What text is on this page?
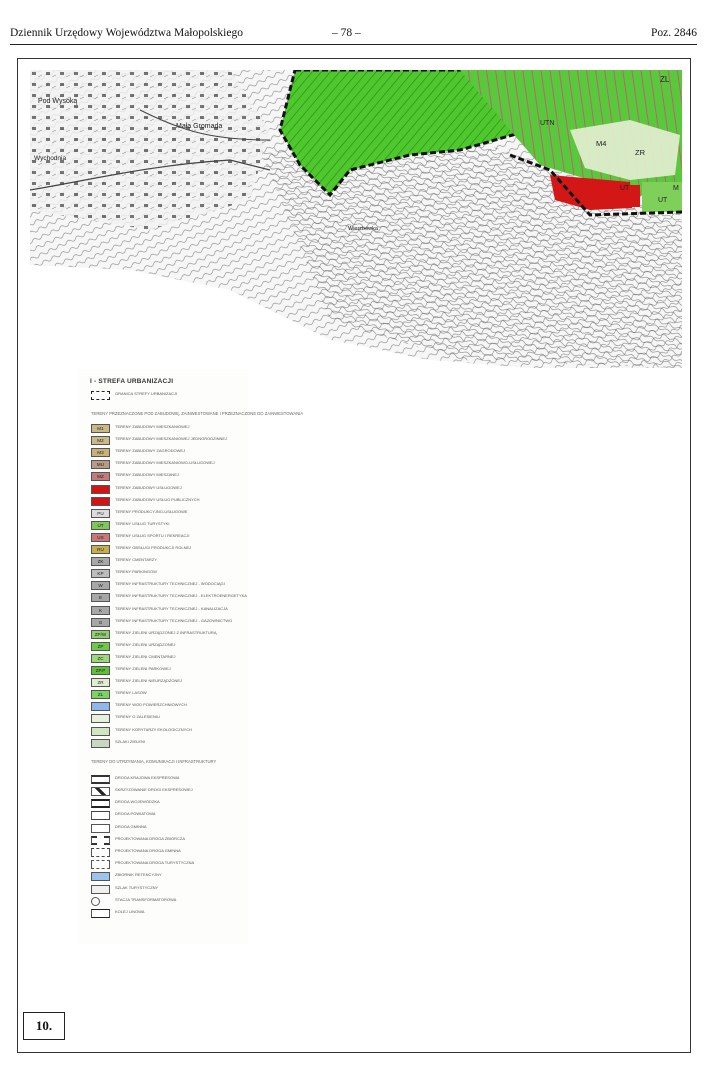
Dziennik Urzędowy Województwa Małopolskiego	– 78 –	Poz. 2846
Pod Wysoką
Mała Gromada
Wychodnia
Wierzbówka
ZL
UTN
M4
ZR
UT
UT
M
I - STREFA URBANIZACJI
GRANICA STREFY URBANIZACJI
TERENY PRZEZNACZONE POD ZABUDOWĘ, ZAINWESTOWANE I PRZEZNACZONE DO ZAINWESTOWANIA
M1	TERENY ZABUDOWY MIESZKANIOWEJ
M2	TERENY ZABUDOWY MIESZKANIOWEJ JEDNORODZINNEJ
M3	TERENY ZABUDOWY ZAGRODOWEJ
MU	TERENY ZABUDOWY MIESZKANIOWO-USŁUGOWEJ
MZ	TERENY ZABUDOWY MIESZANEJ
TERENY ZABUDOWY USŁUGOWEJ
TERENY ZABUDOWY USŁUG PUBLICZNYCH
PU	TERENY PRODUKCYJNO-USŁUGOWE
UT	TERENY USŁUG TURYSTYKI
US	TERENY USŁUG SPORTU I REKREACJI
RU	TERENY OBSŁUGI PRODUKCJI ROLNEJ
ZK	TERENY CMENTARZY
KP	TERENY PARKINGÓW
W	TERENY INFRASTRUKTURY TECHNICZNEJ - WODOCIĄGI
E	TERENY INFRASTRUKTURY TECHNICZNEJ - ELEKTROENERGETYKA
K	TERENY INFRASTRUKTURY TECHNICZNEJ - KANALIZACJA
G	TERENY INFRASTRUKTURY TECHNICZNEJ - GAZOWNICTWO
ZP/W	TERENY ZIELENI URZĄDZONEJ Z INFRASTRUKTURĄ
ZP	TERENY ZIELENI URZĄDZONEJ
ZC	TERENY ZIELENI CMENTARNEJ
ZP.P	TERENY ZIELENI PARKOWEJ
ZR	TERENY ZIELENI NIEURZĄDZONEJ
ZL	TERENY LASÓW
TERENY WÓD POWIERZCHNIOWYCH
TERENY O ZALESIENIU
TERENY KORYTARZY EKOLOGICZNYCH
SZLAKI ZIELENI
TERENY DO UTRZYMANIA, KOMUNIKACJI I INFRASTRUKTURY
DROGA KRAJOWA EKSPRESOWA
SKRZYŻOWANIE DROGI EKSPRESOWEJ
DROGA WOJEWÓDZKA
DROGA POWIATOWA
DROGA GMINNA
PROJEKTOWANA DROGA ZBIORCZA
PROJEKTOWANA DROGA GMINNA
PROJEKTOWANA DROGA TURYSTYCZNA
ZBIORNIK RETENCYJNY
SZLAK TURYSTYCZNY
STACJA TRANSFORMATOROWA
KOLEJ LINOWA
10.
